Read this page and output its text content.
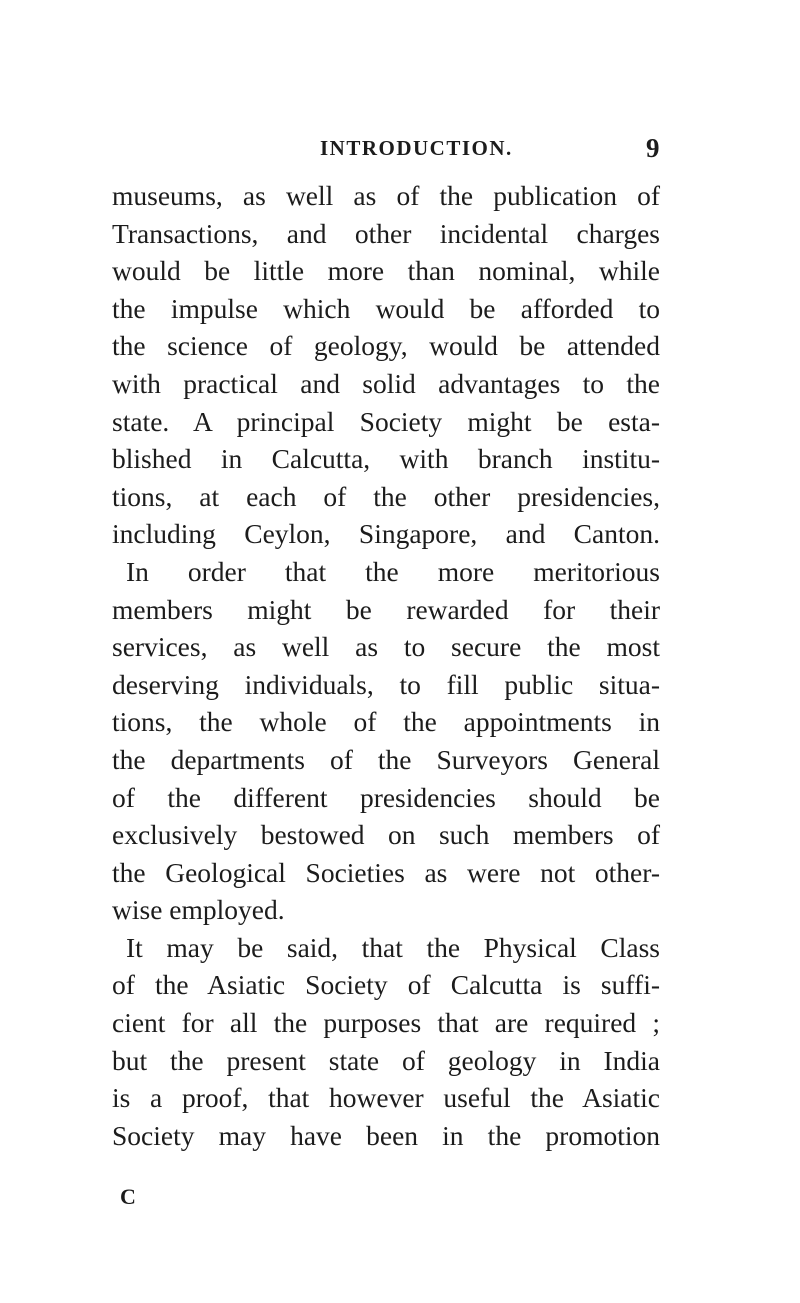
INTRODUCTION.	9
museums, as well as of the publication of
Transactions, and other incidental charges
would be little more than nominal, while
the impulse which would be afforded to
the science of geology, would be attended
with practical and solid advantages to the
state. A principal Society might be esta-
blished in Calcutta, with branch institu-
tions, at each of the other presidencies,
including Ceylon, Singapore, and Canton.
In order that the more meritorious
members might be rewarded for their
services, as well as to secure the most
deserving individuals, to fill public situa-
tions, the whole of the appointments in
the departments of the Surveyors General
of the different presidencies should be
exclusively bestowed on such members of
the Geological Societies as were not other-
wise employed.
It may be said, that the Physical Class
of the Asiatic Society of Calcutta is suffi-
cient for all the purposes that are required ;
but the present state of geology in India
is a proof, that however useful the Asiatic
Society may have been in the promotion
C
